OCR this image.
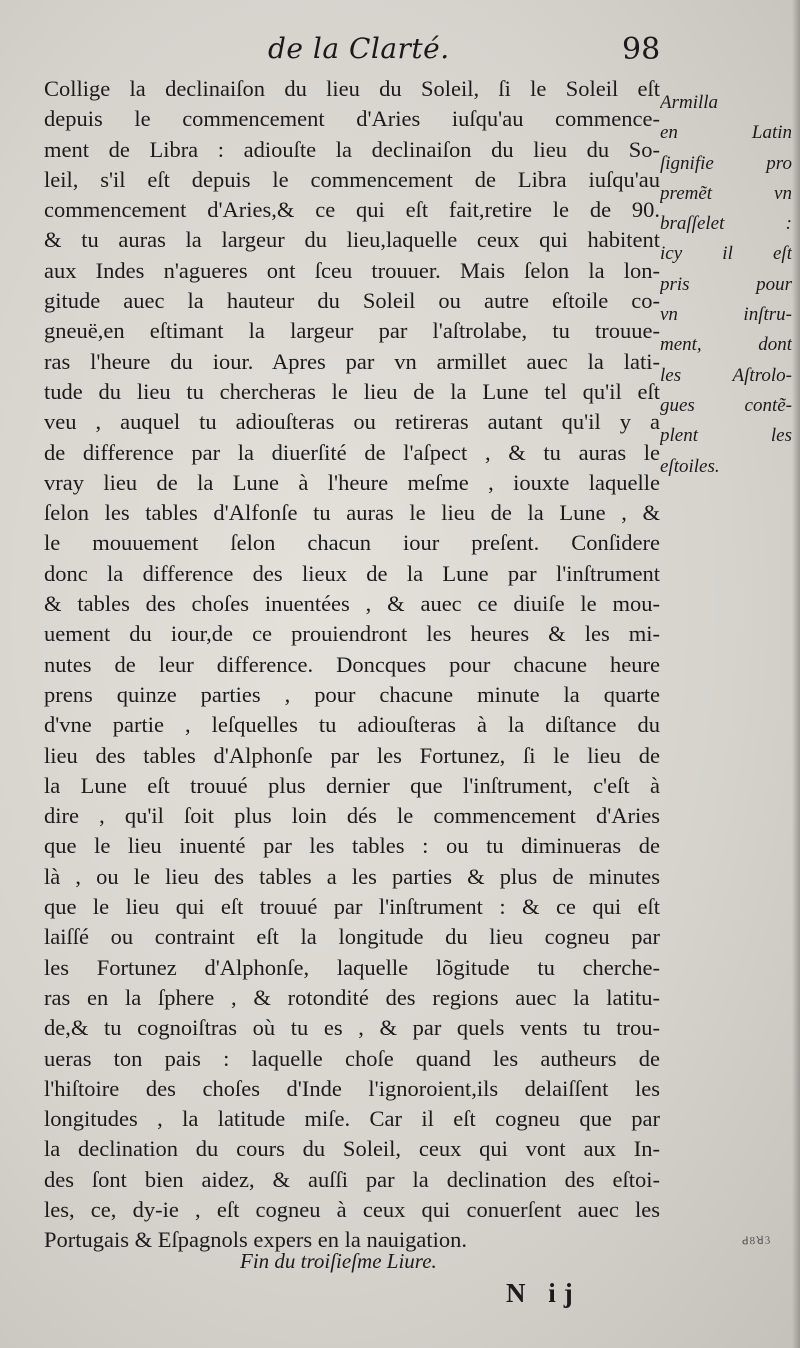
de la Clarté.	98
Collige la declinaiſon du lieu du Soleil, ſi le Soleil eſt
depuis le commencement d'Aries iuſqu'au commence-
ment de Libra : adiouſte la declinaiſon du lieu du So-
leil, s'il eſt depuis le commencement de Libra iuſqu'au
commencement d'Aries,& ce qui eſt fait,retire le de 90.
& tu auras la largeur du lieu,laquelle ceux qui habitent
aux Indes n'agueres ont ſceu trouuer. Mais ſelon la lon-
gitude auec la hauteur du Soleil ou autre eſtoile co-
gneuë,en eſtimant la largeur par l'aſtrolabe, tu trouue-
ras l'heure du iour. Apres par vn armillet auec la lati-
tude du lieu tu chercheras le lieu de la Lune tel qu'il eſt
veu , auquel tu adiouſteras ou retireras autant qu'il y a
de difference par la diuerſité de l'aſpect , & tu auras le
vray lieu de la Lune à l'heure meſme , iouxte laquelle
ſelon les tables d'Alfonſe tu auras le lieu de la Lune , &
le mouuement ſelon chacun iour preſent. Conſidere
donc la difference des lieux de la Lune par l'inſtrument
& tables des choſes inuentées , & auec ce diuiſe le mou-
uement du iour,de ce prouiendront les heures & les mi-
nutes de leur difference. Doncques pour chacune heure
prens quinze parties , pour chacune minute la quarte
d'vne partie , leſquelles tu adiouſteras à la diſtance du
lieu des tables d'Alphonſe par les Fortunez, ſi le lieu de
la Lune eſt trouué plus dernier que l'inſtrument, c'eſt à
dire , qu'il ſoit plus loin dés le commencement d'Aries
que le lieu inuenté par les tables : ou tu diminueras de
là , ou le lieu des tables a les parties & plus de minutes
que le lieu qui eſt trouué par l'inſtrument : & ce qui eſt
laiſſé ou contraint eſt la longitude du lieu cogneu par
les Fortunez d'Alphonſe, laquelle lõgitude tu cherche-
ras en la ſphere , & rotondité des regions auec la latitu-
de,& tu cognoiſtras où tu es , & par quels vents tu trou-
ueras ton pais : laquelle choſe quand les autheurs de
l'hiſtoire des choſes d'Inde l'ignoroient,ils delaiſſent les
longitudes , la latitude miſe. Car il eſt cogneu que par
la declination du cours du Soleil, ceux qui vont aux In-
des ſont bien aidez, & auſſi par la declination des eſtoi-
les, ce, dy-ie , eſt cogneu à ceux qui conuerſent auec les
Portugais & Eſpagnols expers en la nauigation.
Armilla
en Latin
ſignifie pro
premẽt vn
braſſelet :
icy il eſt
pris pour
vn inſtru-
ment, dont
les Aſtrolo-
gues contẽ-
plent les
eſtoiles.
Fin du troiſieſme Liure.
N ij
ꓒ8ꓤ3
